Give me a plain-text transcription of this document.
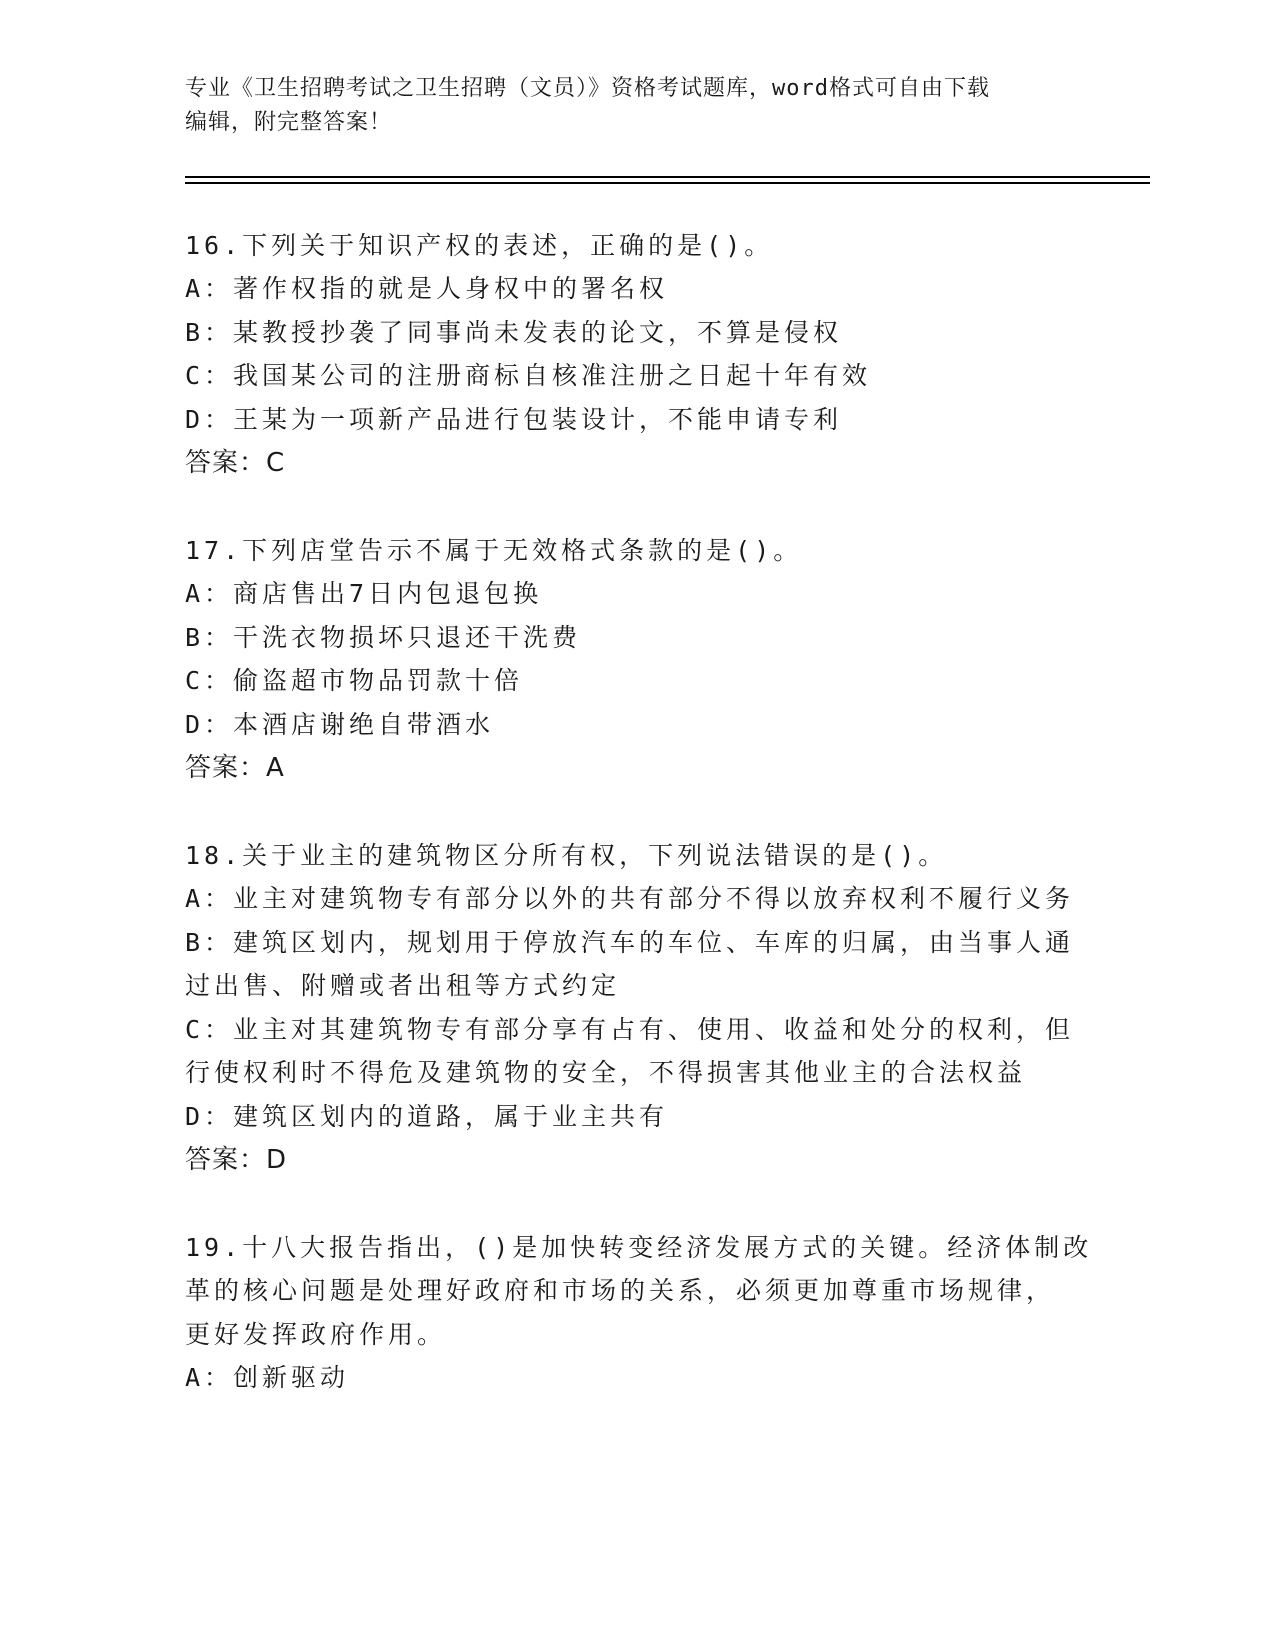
专业《卫生招聘考试之卫生招聘（文员）》资格考试题库，word格式可自由下载
编辑，附完整答案！
16.下列关于知识产权的表述，正确的是()。
A：著作权指的就是人身权中的署名权
B：某教授抄袭了同事尚未发表的论文，不算是侵权
C：我国某公司的注册商标自核准注册之日起十年有效
D：王某为一项新产品进行包装设计，不能申请专利
答案：C
17.下列店堂告示不属于无效格式条款的是()。
A：商店售出7日内包退包换
B：干洗衣物损坏只退还干洗费
C：偷盗超市物品罚款十倍
D：本酒店谢绝自带酒水
答案：A
18.关于业主的建筑物区分所有权，下列说法错误的是()。
A：业主对建筑物专有部分以外的共有部分不得以放弃权利不履行义务
B：建筑区划内，规划用于停放汽车的车位、车库的归属，由当事人通
过出售、附赠或者出租等方式约定
C：业主对其建筑物专有部分享有占有、使用、收益和处分的权利，但
行使权利时不得危及建筑物的安全，不得损害其他业主的合法权益
D：建筑区划内的道路，属于业主共有
答案：D
19.十八大报告指出，()是加快转变经济发展方式的关键。经济体制改
革的核心问题是处理好政府和市场的关系，必须更加尊重市场规律，
更好发挥政府作用。
A：创新驱动
